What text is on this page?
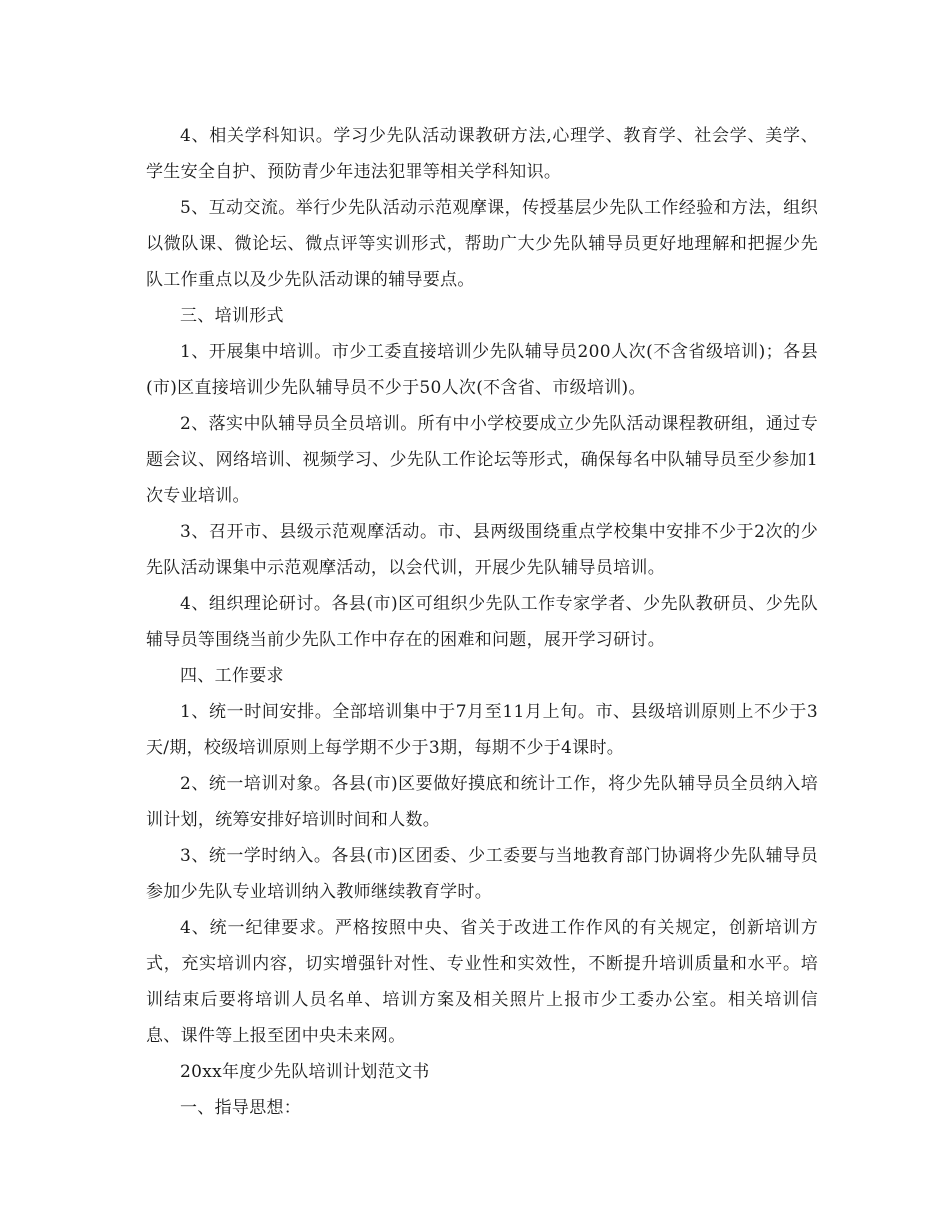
4、相关学科知识。学习少先队活动课教研方法,心理学、教育学、社会学、美学、学生安全自护、预防青少年违法犯罪等相关学科知识。

5、互动交流。举行少先队活动示范观摩课，传授基层少先队工作经验和方法，组织以微队课、微论坛、微点评等实训形式，帮助广大少先队辅导员更好地理解和把握少先队工作重点以及少先队活动课的辅导要点。

三、培训形式

1、开展集中培训。市少工委直接培训少先队辅导员200人次(不含省级培训)；各县(市)区直接培训少先队辅导员不少于50人次(不含省、市级培训)。

2、落实中队辅导员全员培训。所有中小学校要成立少先队活动课程教研组，通过专题会议、网络培训、视频学习、少先队工作论坛等形式，确保每名中队辅导员至少参加1次专业培训。

3、召开市、县级示范观摩活动。市、县两级围绕重点学校集中安排不少于2次的少先队活动课集中示范观摩活动，以会代训，开展少先队辅导员培训。

4、组织理论研讨。各县(市)区可组织少先队工作专家学者、少先队教研员、少先队辅导员等围绕当前少先队工作中存在的困难和问题，展开学习研讨。

四、工作要求

1、统一时间安排。全部培训集中于7月至11月上旬。市、县级培训原则上不少于3天/期，校级培训原则上每学期不少于3期，每期不少于4课时。

2、统一培训对象。各县(市)区要做好摸底和统计工作，将少先队辅导员全员纳入培训计划，统筹安排好培训时间和人数。

3、统一学时纳入。各县(市)区团委、少工委要与当地教育部门协调将少先队辅导员参加少先队专业培训纳入教师继续教育学时。

4、统一纪律要求。严格按照中央、省关于改进工作作风的有关规定，创新培训方式，充实培训内容，切实增强针对性、专业性和实效性，不断提升培训质量和水平。培训结束后要将培训人员名单、培训方案及相关照片上报市少工委办公室。相关培训信息、课件等上报至团中央未来网。

20xx年度少先队培训计划范文书

一、指导思想：
